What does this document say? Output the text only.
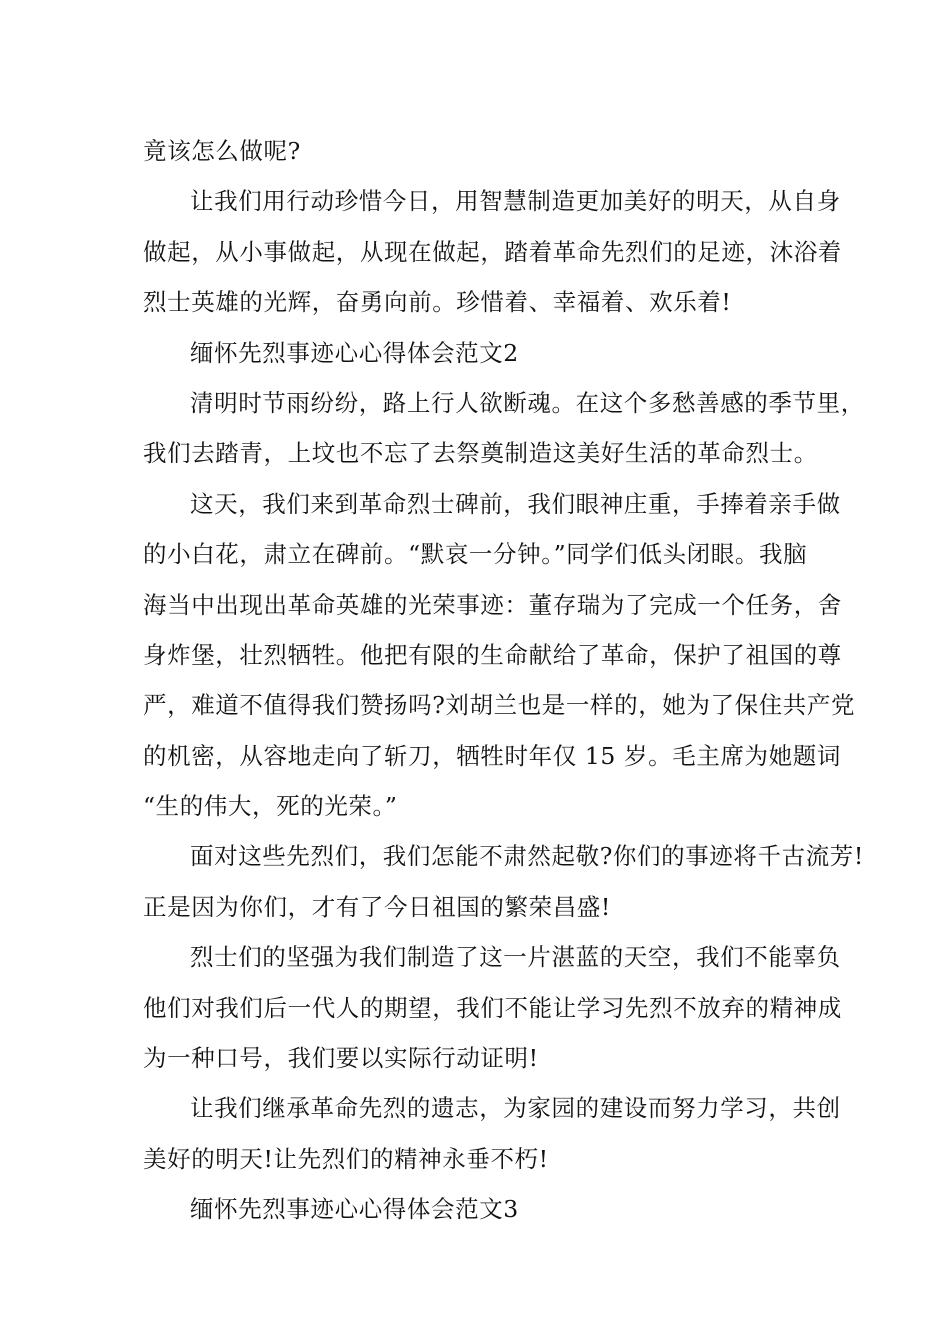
竟该怎么做呢?
让我们用行动珍惜今日，用智慧制造更加美好的明天，从自身
做起，从小事做起，从现在做起，踏着革命先烈们的足迹，沐浴着
烈士英雄的光辉，奋勇向前。珍惜着、幸福着、欢乐着!
缅怀先烈事迹心心得体会范文2
清明时节雨纷纷，路上行人欲断魂。在这个多愁善感的季节里，
我们去踏青，上坟也不忘了去祭奠制造这美好生活的革命烈士。
这天，我们来到革命烈士碑前，我们眼神庄重，手捧着亲手做
的小白花，肃立在碑前。“默哀一分钟。”同学们低头闭眼。我脑
海当中出现出革命英雄的光荣事迹：董存瑞为了完成一个任务，舍
身炸堡，壮烈牺牲。他把有限的生命献给了革命，保护了祖国的尊
严，难道不值得我们赞扬吗?刘胡兰也是一样的，她为了保住共产党
的机密，从容地走向了斩刀，牺牲时年仅 15 岁。毛主席为她题词
“生的伟大，死的光荣。”
面对这些先烈们，我们怎能不肃然起敬?你们的事迹将千古流芳!
正是因为你们，才有了今日祖国的繁荣昌盛!
烈士们的坚强为我们制造了这一片湛蓝的天空，我们不能辜负
他们对我们后一代人的期望，我们不能让学习先烈不放弃的精神成
为一种口号，我们要以实际行动证明!
让我们继承革命先烈的遗志，为家园的建设而努力学习，共创
美好的明天!让先烈们的精神永垂不朽!
缅怀先烈事迹心心得体会范文3
